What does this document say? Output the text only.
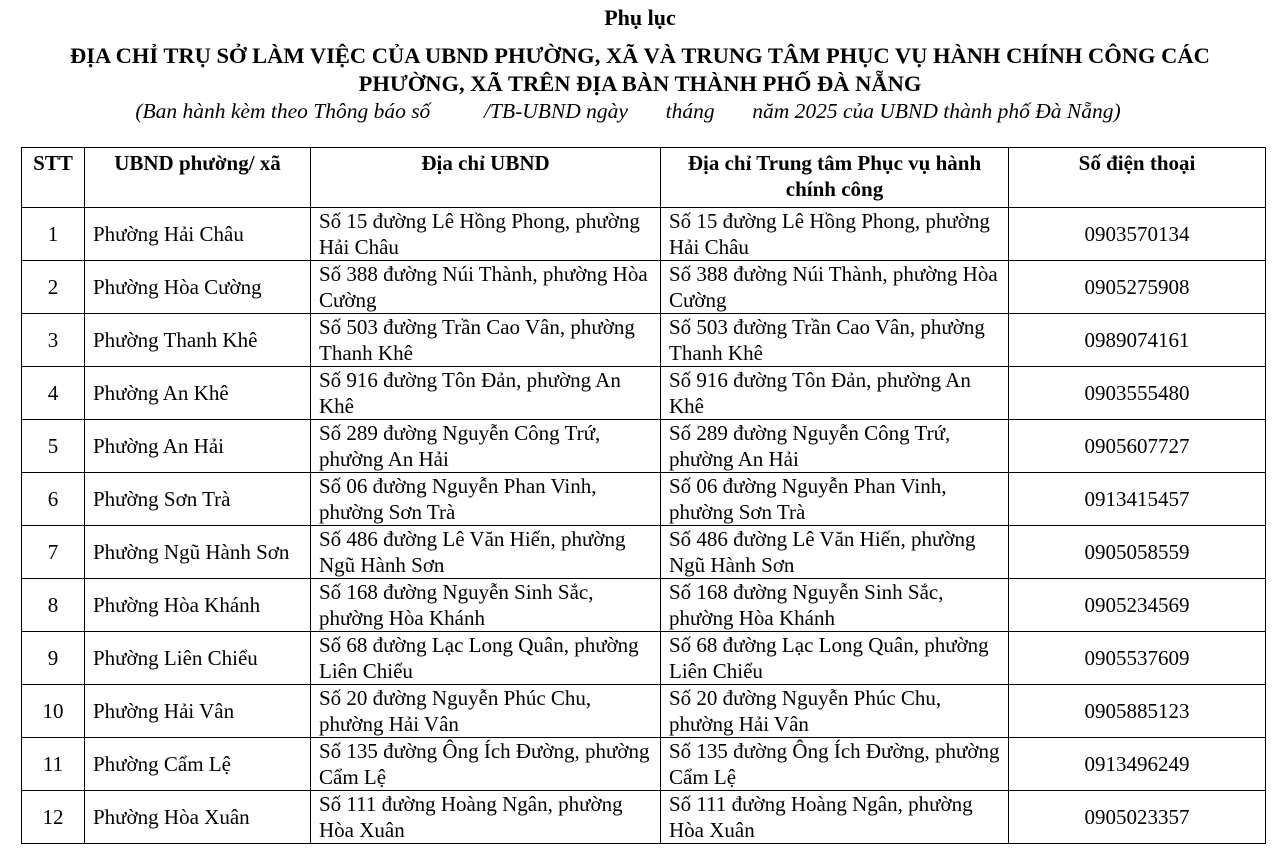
Phụ lục
ĐỊA CHỈ TRỤ SỞ LÀM VIỆC CỦA UBND PHƯỜNG, XÃ VÀ TRUNG TÂM PHỤC VỤ HÀNH CHÍNH CÔNG CÁC
PHƯỜNG, XÃ TRÊN ĐỊA BÀN THÀNH PHỐ ĐÀ NẴNG
(Ban hành kèm theo Thông báo số          /TB-UBND ngày       tháng       năm 2025 của UBND thành phố Đà Nẵng)
STT	UBND phường/ xã	Địa chỉ UBND	Địa chỉ Trung tâm Phục vụ hành chính công	Số điện thoại
1	Phường Hải Châu	Số 15 đường Lê Hồng Phong, phường Hải Châu	Số 15 đường Lê Hồng Phong, phường Hải Châu	0903570134
2	Phường Hòa Cường	Số 388 đường Núi Thành, phường Hòa Cường	Số 388 đường Núi Thành, phường Hòa Cường	0905275908
3	Phường Thanh Khê	Số 503 đường Trần Cao Vân, phường Thanh Khê	Số 503 đường Trần Cao Vân, phường Thanh Khê	0989074161
4	Phường An Khê	Số 916 đường Tôn Đản, phường An Khê	Số 916 đường Tôn Đản, phường An Khê	0903555480
5	Phường An Hải	Số 289 đường Nguyễn Công Trứ, phường An Hải	Số 289 đường Nguyễn Công Trứ, phường An Hải	0905607727
6	Phường Sơn Trà	Số 06 đường Nguyễn Phan Vinh, phường Sơn Trà	Số 06 đường Nguyễn Phan Vinh, phường Sơn Trà	0913415457
7	Phường Ngũ Hành Sơn	Số 486 đường Lê Văn Hiến, phường Ngũ Hành Sơn	Số 486 đường Lê Văn Hiến, phường Ngũ Hành Sơn	0905058559
8	Phường Hòa Khánh	Số 168 đường Nguyễn Sinh Sắc, phường Hòa Khánh	Số 168 đường Nguyễn Sinh Sắc, phường Hòa Khánh	0905234569
9	Phường Liên Chiểu	Số 68 đường Lạc Long Quân, phường Liên Chiểu	Số 68 đường Lạc Long Quân, phường Liên Chiểu	0905537609
10	Phường Hải Vân	Số 20 đường Nguyễn Phúc Chu, phường Hải Vân	Số 20 đường Nguyễn Phúc Chu, phường Hải Vân	0905885123
11	Phường Cẩm Lệ	Số 135 đường Ông Ích Đường, phường Cẩm Lệ	Số 135 đường Ông Ích Đường, phường Cẩm Lệ	0913496249
12	Phường Hòa Xuân	Số 111 đường Hoàng Ngân, phường Hòa Xuân	Số 111 đường Hoàng Ngân, phường Hòa Xuân	0905023357
